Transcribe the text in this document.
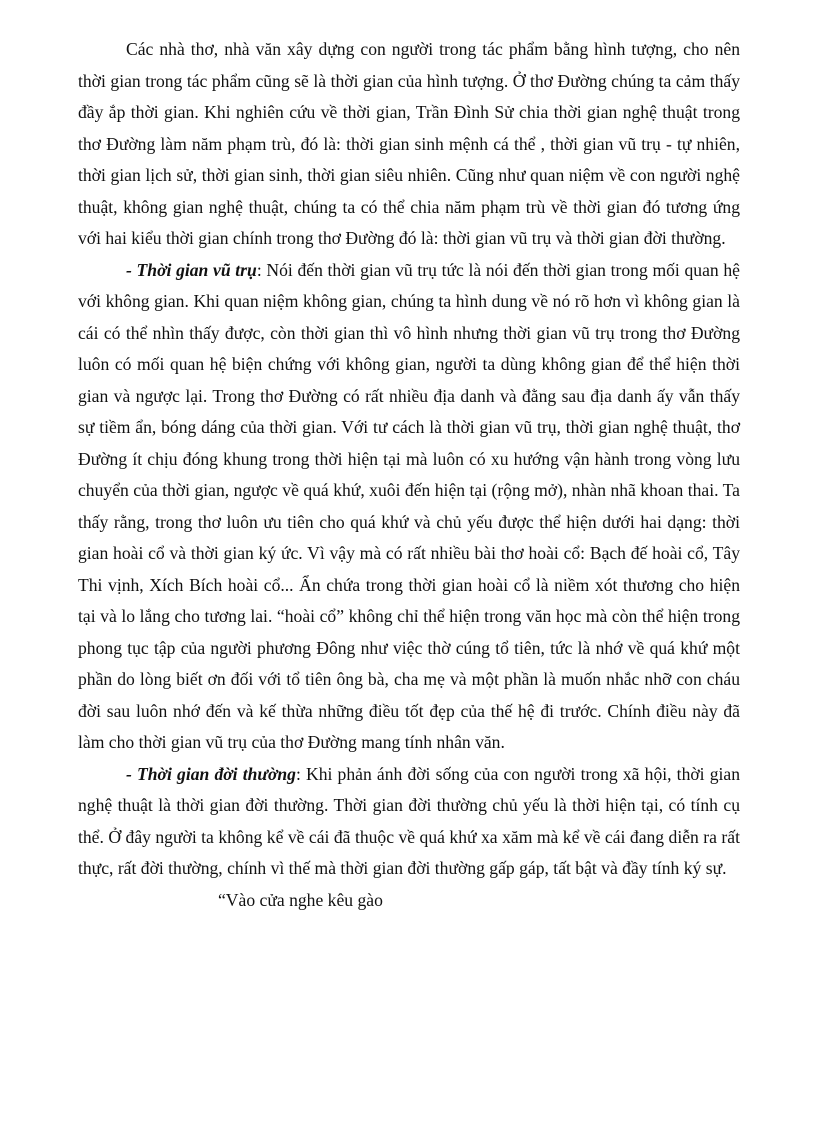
Các nhà thơ, nhà văn xây dựng con người trong tác phẩm bằng hình tượng, cho nên thời gian trong tác phẩm cũng sẽ là thời gian của hình tượng. Ở thơ Đường chúng ta cảm thấy đầy ắp thời gian. Khi nghiên cứu về thời gian, Trần Đình Sử chia thời gian nghệ thuật trong thơ Đường làm năm phạm trù, đó là: thời gian sinh mệnh cá thể , thời gian vũ trụ - tự nhiên, thời gian lịch sử, thời gian sinh, thời gian siêu nhiên. Cũng như quan niệm về con người nghệ thuật, không gian nghệ thuật, chúng ta có thể chia năm phạm trù về thời gian đó tương ứng với hai kiểu thời gian chính trong thơ Đường đó là: thời gian vũ trụ và thời gian đời thường.

- Thời gian vũ trụ: Nói đến thời gian vũ trụ tức là nói đến thời gian trong mối quan hệ với không gian. Khi quan niệm không gian, chúng ta hình dung về nó rõ hơn vì không gian là cái có thể nhìn thấy được, còn thời gian thì vô hình nhưng thời gian vũ trụ trong thơ Đường luôn có mối quan hệ biện chứng với không gian, người ta dùng không gian để thể hiện thời gian và ngược lại. Trong thơ Đường có rất nhiều địa danh và đằng sau địa danh ấy vẫn thấy sự tiềm ẩn, bóng dáng của thời gian. Với tư cách là thời gian vũ trụ, thời gian nghệ thuật, thơ Đường ít chịu đóng khung trong thời hiện tại mà luôn có xu hướng vận hành trong vòng lưu chuyển của thời gian, ngược về quá khứ, xuôi đến hiện tại (rộng mở), nhàn nhã khoan thai. Ta thấy rằng, trong thơ luôn ưu tiên cho quá khứ và chủ yếu được thể hiện dưới hai dạng: thời gian hoài cổ và thời gian ký ức. Vì vậy mà có rất nhiều bài thơ hoài cổ: Bạch đế hoài cổ, Tây Thi vịnh, Xích Bích hoài cổ... Ẩn chứa trong thời gian hoài cổ là niềm xót thương cho hiện tại và lo lắng cho tương lai. “hoài cổ” không chỉ thể hiện trong văn học mà còn thể hiện trong phong tục tập của người phương Đông như việc thờ cúng tổ tiên, tức là nhớ về quá khứ một phần do lòng biết ơn đối với tổ tiên ông bà, cha mẹ và một phần là muốn nhắc nhỡ con cháu đời sau luôn nhớ đến và kế thừa những điều tốt đẹp của thế hệ đi trước. Chính điều này đã làm cho thời gian vũ trụ của thơ Đường mang tính nhân văn.

- Thời gian đời thường: Khi phản ánh đời sống của con người trong xã hội, thời gian nghệ thuật là thời gian đời thường. Thời gian đời thường chủ yếu là thời hiện tại, có tính cụ thể. Ở đây người ta không kể về cái đã thuộc về quá khứ xa xăm mà kể về cái đang diễn ra rất thực, rất đời thường, chính vì thế mà thời gian đời thường gấp gáp, tất bật và đầy tính ký sự.

“Vào cửa nghe kêu gào
